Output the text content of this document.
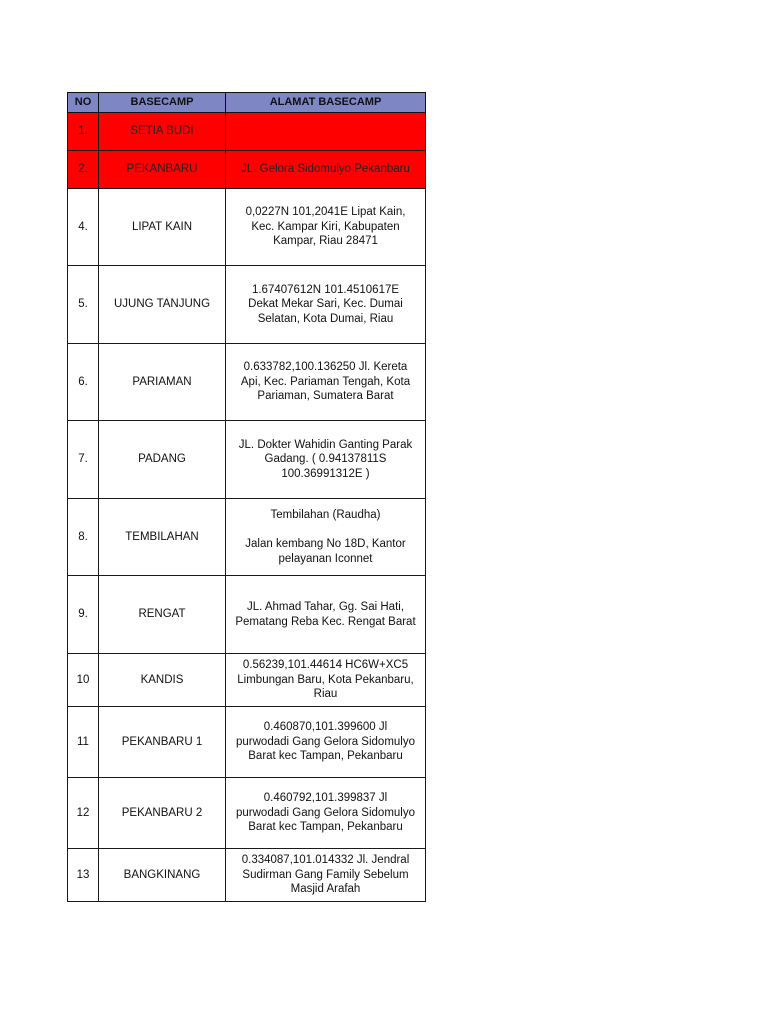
NO	BASECAMP	ALAMAT BASECAMP
1.	SETIA BUDI	
2.	PEKANBARU	JL. Gelora Sidomulyo Pekanbaru

4.	LIPAT KAIN	0,0227N 101,2041E Lipat Kain,
Kec. Kampar Kiri, Kabupaten
Kampar, Riau 28471

5.	UJUNG TANJUNG	1.67407612N 101.4510617E
Dekat Mekar Sari, Kec. Dumai
Selatan, Kota Dumai, Riau

6.	PARIAMAN	0.633782,100.136250 Jl. Kereta
Api, Kec. Pariaman Tengah, Kota
Pariaman, Sumatera Barat

7.	PADANG	JL. Dokter Wahidin Ganting Parak
Gadang. ( 0.94137811S
100.36991312E )

8.	TEMBILAHAN	Tembilahan (Raudha)
Jalan kembang No 18D, Kantor
pelayanan Iconnet

9.	RENGAT	JL. Ahmad Tahar, Gg. Sai Hati,
Pematang Reba Kec. Rengat Barat

10	KANDIS	0.56239,101.44614 HC6W+XC5
Limbungan Baru, Kota Pekanbaru,
Riau

11	PEKANBARU 1	0.460870,101.399600 Jl
purwodadi Gang Gelora Sidomulyo
Barat kec Tampan, Pekanbaru

12	PEKANBARU 2	0.460792,101.399837 Jl
purwodadi Gang Gelora Sidomulyo
Barat kec Tampan, Pekanbaru

13	BANGKINANG	0.334087,101.014332 Jl. Jendral
Sudirman Gang Family Sebelum
Masjid Arafah
